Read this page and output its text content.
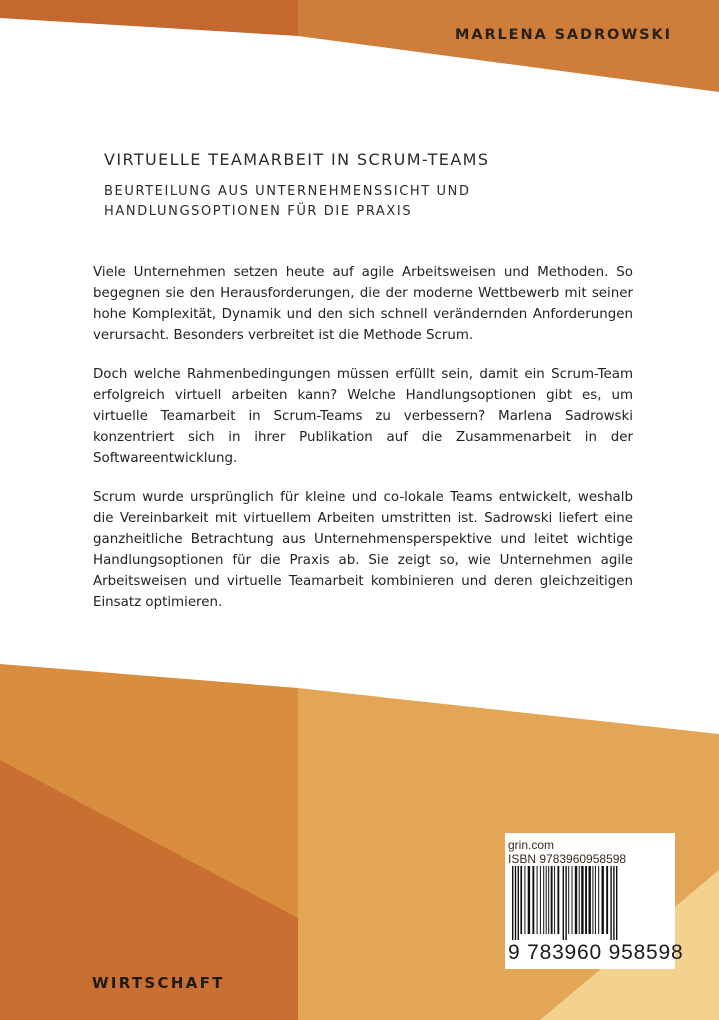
MARLENA SADROWSKI
VIRTUELLE TEAMARBEIT IN SCRUM-TEAMS
BEURTEILUNG AUS UNTERNEHMENSSICHT UND
HANDLUNGSOPTIONEN FÜR DIE PRAXIS

Viele Unternehmen setzen heute auf agile Arbeitsweisen und Methoden. So begegnen sie den Herausforderungen, die der moderne Wettbewerb mit seiner hohe Komplexität, Dynamik und den sich schnell verändernden Anforderungen verursacht. Besonders verbreitet ist die Methode Scrum.

Doch welche Rahmenbedingungen müssen erfüllt sein, damit ein Scrum-Team erfolgreich virtuell arbeiten kann? Welche Handlungsoptionen gibt es, um virtuelle Teamarbeit in Scrum-Teams zu verbessern? Marlena Sadrowski konzentriert sich in ihrer Publikation auf die Zusammenarbeit in der Softwareentwicklung.

Scrum wurde ursprünglich für kleine und co-lokale Teams entwickelt, weshalb die Vereinbarkeit mit virtuellem Arbeiten umstritten ist. Sadrowski liefert eine ganzheitliche Betrachtung aus Unternehmensperspektive und leitet wichtige Handlungsoptionen für die Praxis ab. Sie zeigt so, wie Unternehmen agile Arbeitsweisen und virtuelle Teamarbeit kombinieren und deren gleichzeitigen Einsatz optimieren.

grin.com
ISBN 9783960958598
9 783960 958598
WIRTSCHAFT
